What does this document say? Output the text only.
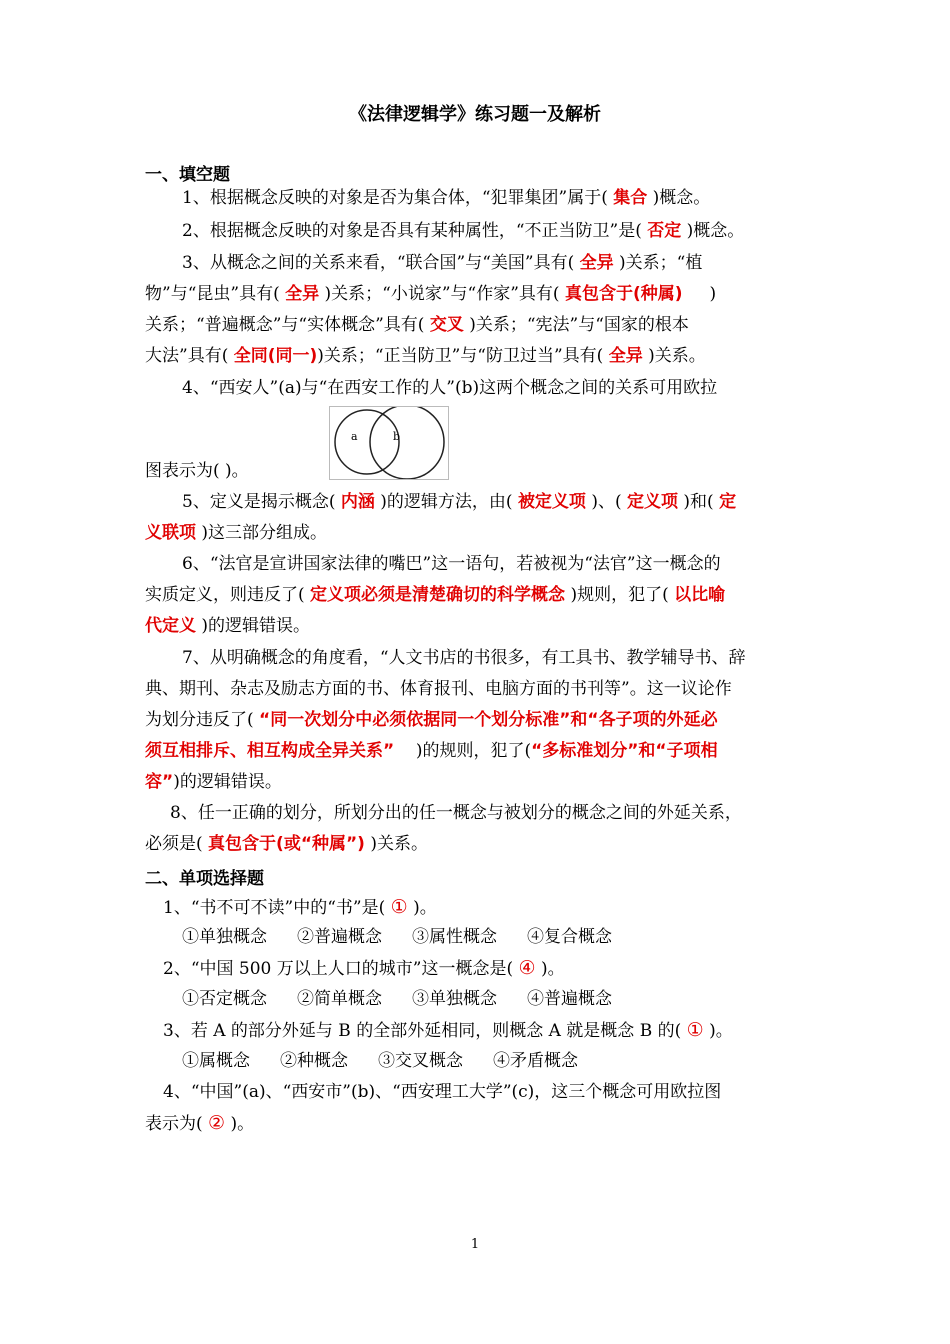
《法律逻辑学》练习题一及解析
一、填空题
1、根据概念反映的对象是否为集合体，“犯罪集团”属于( 集合 )概念。
2、根据概念反映的对象是否具有某种属性，“不正当防卫”是( 否定 )概念。
3、从概念之间的关系来看，“联合国”与“美国”具有( 全异 )关系；“植
物”与“昆虫”具有( 全异 )关系；“小说家”与“作家”具有( 真包含于(种属) )
关系；“普遍概念”与“实体概念”具有( 交叉 )关系；“宪法”与“国家的根本
大法”具有( 全同(同一))关系；“正当防卫”与“防卫过当”具有( 全异 )关系。
4、“西安人”(a)与“在西安工作的人”(b)这两个概念之间的关系可用欧拉
a	b
图表示为( )。
5、定义是揭示概念( 内涵 )的逻辑方法，由( 被定义项 )、( 定义项 )和( 定
义联项 )这三部分组成。
6、“法官是宣讲国家法律的嘴巴”这一语句，若被视为“法官”这一概念的
实质定义，则违反了( 定义项必须是清楚确切的科学概念 )规则，犯了( 以比喻
代定义 )的逻辑错误。
7、从明确概念的角度看，“人文书店的书很多，有工具书、教学辅导书、辞
典、期刊、杂志及励志方面的书、体育报刊、电脑方面的书刊等”。这一议论作
为划分违反了( “同一次划分中必须依据同一个划分标准”和“各子项的外延必
须互相排斥、相互构成全异关系” )的规则，犯了(“多标准划分”和“子项相
容”)的逻辑错误。
8、任一正确的划分，所划分出的任一概念与被划分的概念之间的外延关系，
必须是( 真包含于(或“种属”) )关系。
二、单项选择题
1、“书不可不读”中的“书”是( ① )。
①单独概念 ②普遍概念 ③属性概念 ④复合概念
2、“中国 500 万以上人口的城市”这一概念是( ④ )。
①否定概念 ②简单概念 ③单独概念 ④普遍概念
3、若 A 的部分外延与 B 的全部外延相同，则概念 A 就是概念 B 的( ① )。
①属概念 ②种概念 ③交叉概念 ④矛盾概念
4、“中国”(a)、“西安市”(b)、“西安理工大学”(c)，这三个概念可用欧拉图
表示为( ② )。
1
